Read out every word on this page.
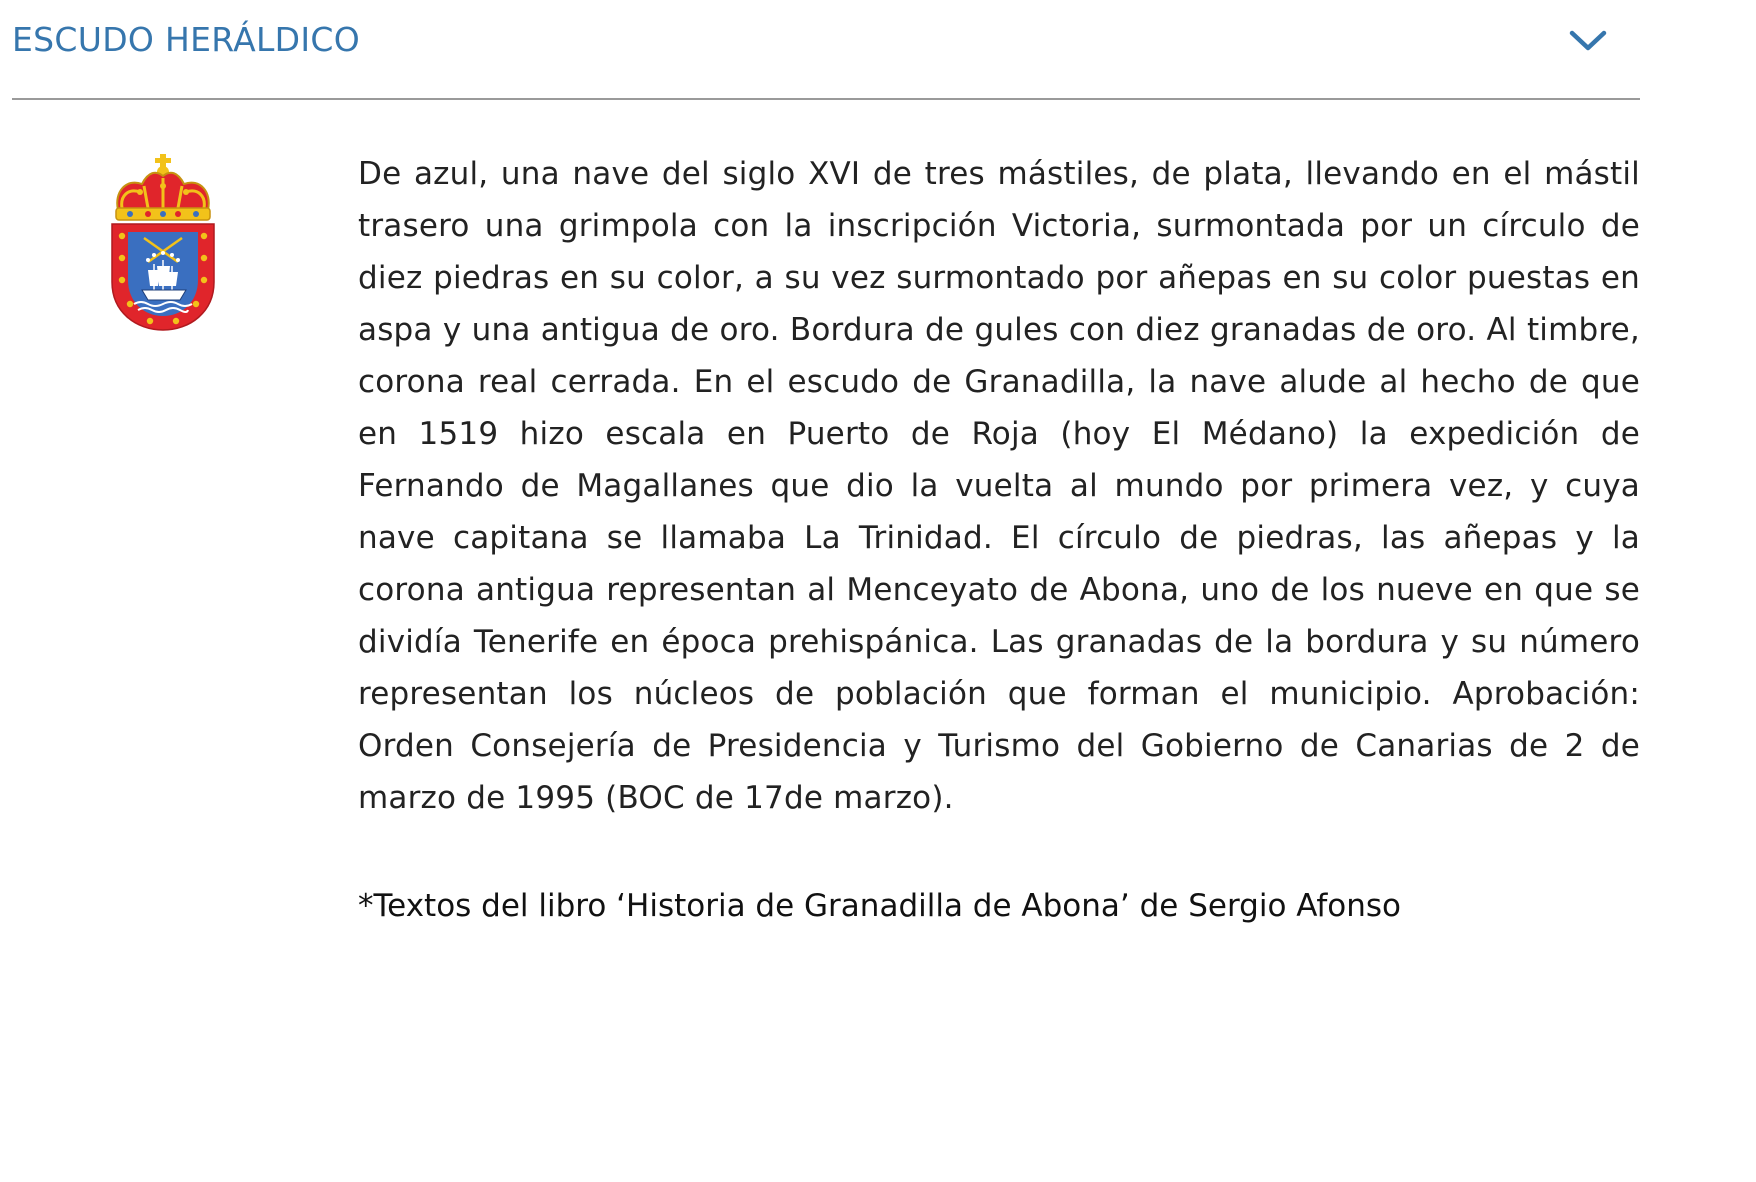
ESCUDO HERÁLDICO

De azul, una nave del siglo XVI de tres mástiles, de plata, llevando en el mástil trasero una grimpola con la inscripción Victoria, surmontada por un círculo de diez piedras en su color, a su vez surmontado por añepas en su color puestas en aspa y una antigua de oro. Bordura de gules con diez granadas de oro. Al timbre, corona real cerrada. En el escudo de Granadilla, la nave alude al hecho de que en 1519 hizo escala en Puerto de Roja (hoy El Médano) la expedición de Fernando de Magallanes que dio la vuelta al mundo por primera vez, y cuya nave capitana se llamaba La Trinidad. El círculo de piedras, las añepas y la corona antigua representan al Menceyato de Abona, uno de los nueve en que se dividía Tenerife en época prehispánica. Las granadas de la bordura y su número representan los núcleos de población que forman el municipio. Aprobación: Orden Consejería de Presidencia y Turismo del Gobierno de Canarias de 2 de marzo de 1995 (BOC de 17de marzo).

*Textos del libro ‘Historia de Granadilla de Abona’ de Sergio Afonso
